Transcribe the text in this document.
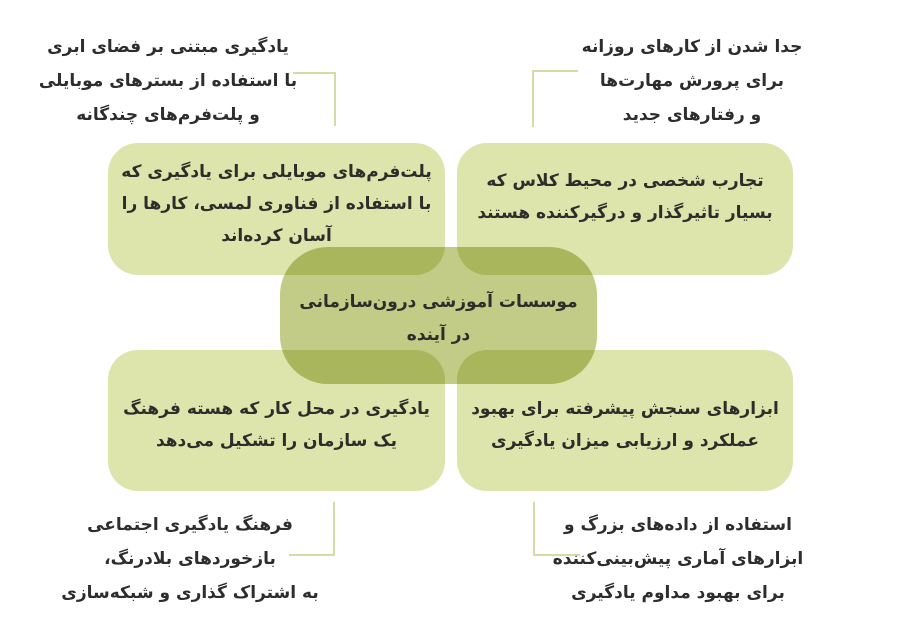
یادگیری مبتنی بر فضای ابری
با استفاده از بسترهای موبایلی
و پلت‌فرم‌های چندگانه
جدا شدن از کارهای روزانه
برای پرورش مهارت‌ها
و رفتارهای جدید
فرهنگ یادگیری اجتماعی
بازخوردهای بلادرنگ،
به اشتراک گذاری و شبکه‌سازی
استفاده از داده‌های بزرگ و
ابزارهای آماری پیش‌بینی‌کننده
برای بهبود مداوم یادگیری
پلت‌فرم‌های موبایلی برای یادگیری که
با استفاده از فناوری لمسی، کارها را
آسان کرده‌اند
تجارب شخصی در محیط کلاس که
بسیار تاثیرگذار و درگیرکننده هستند
یادگیری در محل کار که هسته فرهنگ
یک سازمان را تشکیل می‌دهد
ابزارهای سنجش پیشرفته برای بهبود
عملکرد و ارزیابی میزان یادگیری
موسسات آموزشی درون‌سازمانی
در آینده
